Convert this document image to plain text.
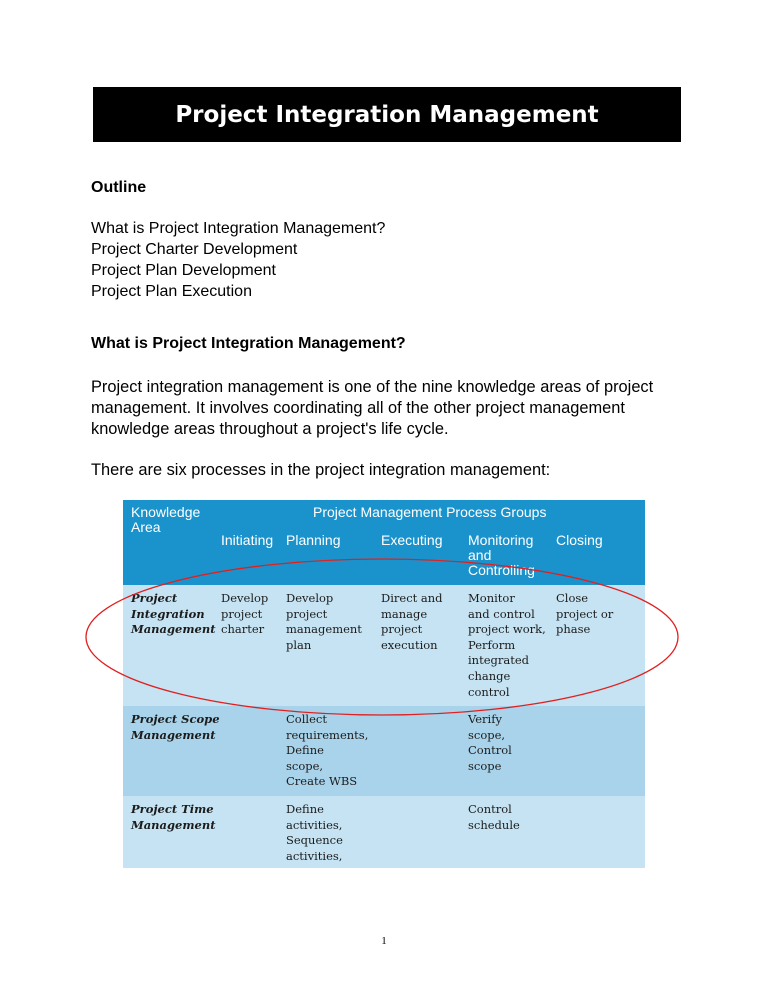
Project Integration Management
Outline
What is Project Integration Management?
Project Charter Development
Project Plan Development
Project Plan Execution
What is Project Integration Management?

Project integration management is one of the nine knowledge areas of project management. It involves coordinating all of the other project management knowledge areas throughout a project's life cycle.

There are six processes in the project integration management:

Knowledge
Area
Project Management Process Groups
Initiating Planning	Executing Monitoring
and
Controlling
Closing
Project
Integration
Management
Develop
project
charter
Develop
project
management
plan
Direct and
manage
project
execution
Monitor
and control
project work,
Perform
integrated
change
control
Close
project or
phase
Project Scope
Management
Collect
requirements,
Define
scope,
Create WBS
Verify
scope,
Control
scope
Project Time
Management
Define
activities,
Sequence
activities,
Control
schedule
1
